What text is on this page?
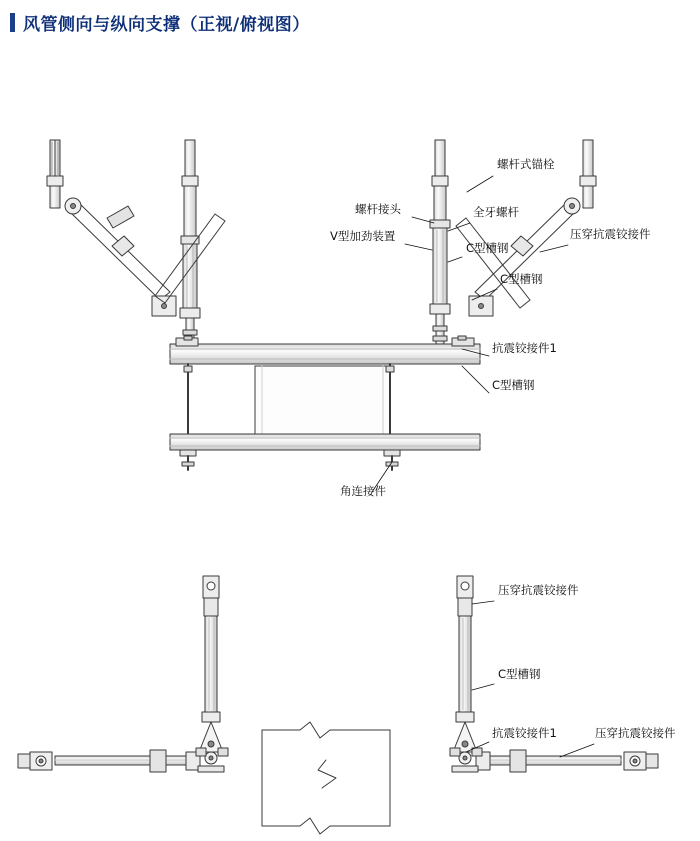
风管侧向与纵向支撑（正视/俯视图）
螺杆式锚栓
螺杆接头	全牙螺杆
V型加劲装置	压穿抗震铰接件
C型槽钢
C型槽钢
抗震铰接件1
C型槽钢
角连接件
压穿抗震铰接件
C型槽钢
抗震铰接件1	压穿抗震铰接件
